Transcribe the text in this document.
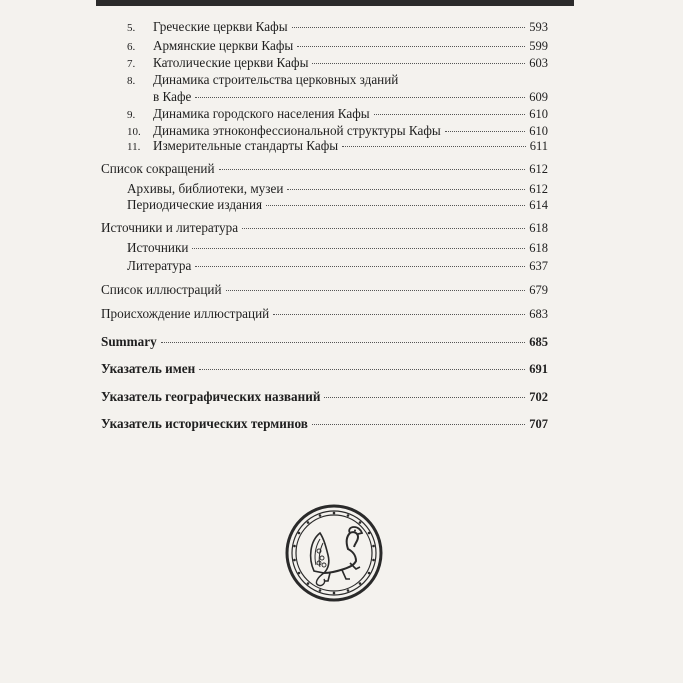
5.	Греческие церкви Кафы	593
6.	Армянские церкви Кафы	599
7.	Католические церкви Кафы	603
8. Динамика строительства церковных зданий
в Кафе	609
9.	Динамика городского населения Кафы	610
10. Динамика этноконфессиональной структуры Кафы	610
11. Измерительные стандарты Кафы	611
Список сокращений	612
Архивы, библиотеки, музеи	612
Периодические издания	614
Источники и литература	618
Источники	618
Литература	637
Список иллюстраций	679
Происхождение иллюстраций	683
Summary	685
Указатель имен	691
Указатель географических названий	702
Указатель исторических терминов	707
